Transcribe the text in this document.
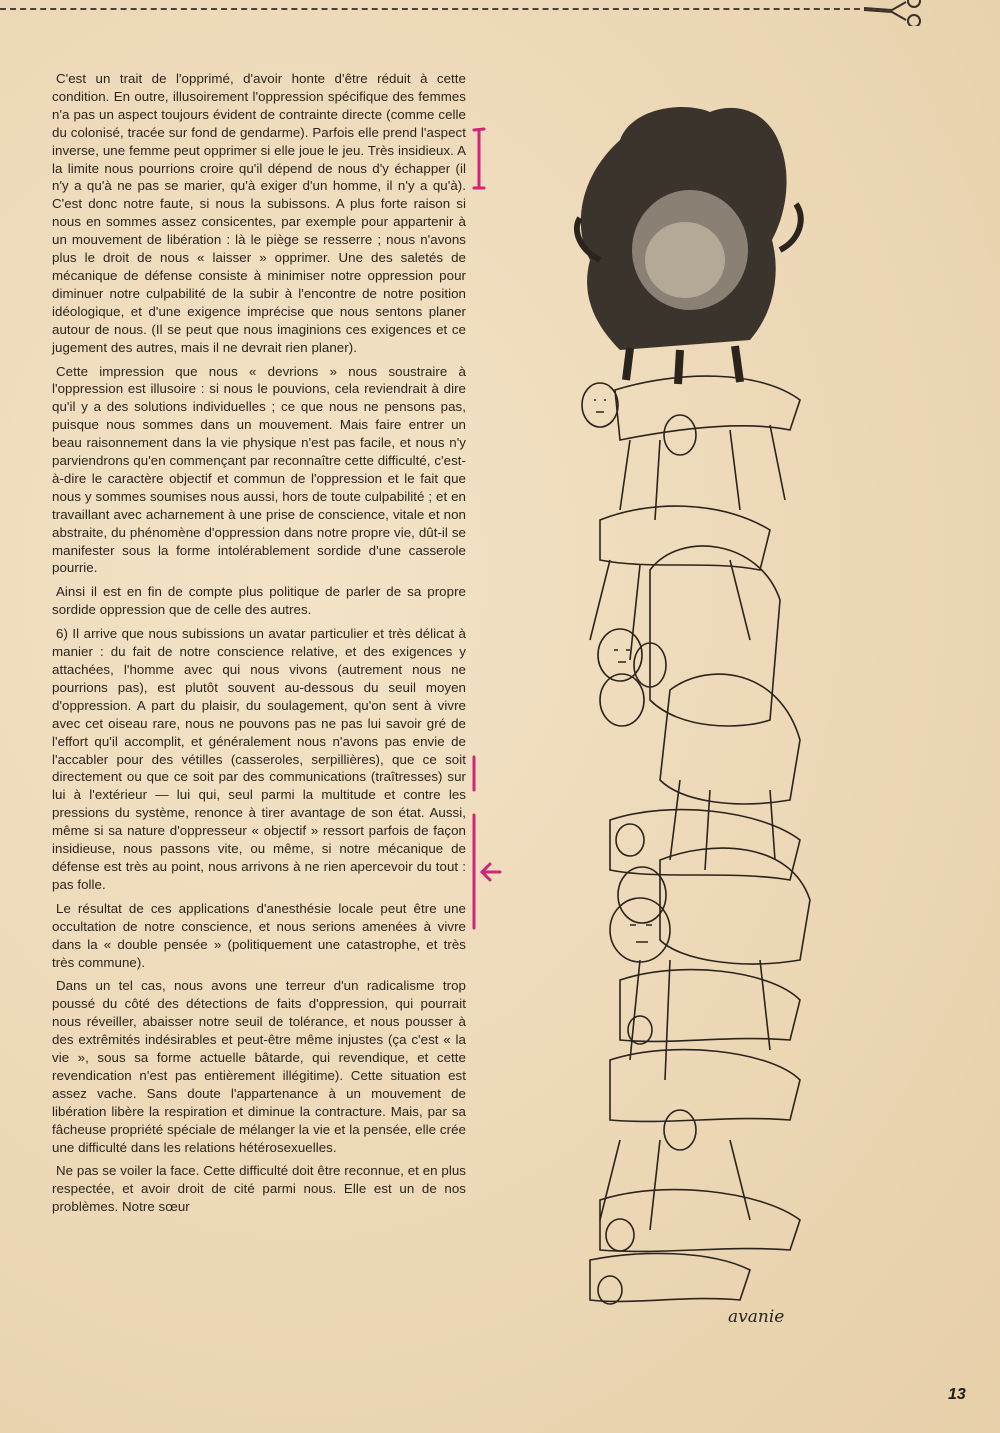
C'est un trait de l'opprimé, d'avoir honte d'être réduit à cette condition. En outre, illusoirement l'oppression spécifique des femmes n'a pas un aspect toujours évident de contrainte directe (comme celle du colonisé, tracée sur fond de gendarme). Parfois elle prend l'aspect inverse, une femme peut opprimer si elle joue le jeu. Très insidieux. A la limite nous pourrions croire qu'il dépend de nous d'y échapper (il n'y a qu'à ne pas se marier, qu'à exiger d'un homme, il n'y a qu'à). C'est donc notre faute, si nous la subissons. A plus forte raison si nous en sommes assez consicentes, par exemple pour appartenir à un mouvement de libération : là le piège se resserre ; nous n'avons plus le droit de nous « laisser » opprimer. Une des saletés de mécanique de défense consiste à minimiser notre oppression pour diminuer notre culpabilité de la subir à l'encontre de notre position idéologique, et d'une exigence imprécise que nous sentons planer autour de nous. (Il se peut que nous imaginions ces exigences et ce jugement des autres, mais il ne devrait rien planer).

Cette impression que nous « devrions » nous soustraire à l'oppression est illusoire : si nous le pouvions, cela reviendrait à dire qu'il y a des solutions individuelles ; ce que nous ne pensons pas, puisque nous sommes dans un mouvement. Mais faire entrer un beau raisonnement dans la vie physique n'est pas facile, et nous n'y parviendrons qu'en commençant par reconnaître cette difficulté, c'est-à-dire le caractère objectif et commun de l'oppression et le fait que nous y sommes soumises nous aussi, hors de toute culpabilité ; et en travaillant avec acharnement à une prise de conscience, vitale et non abstraite, du phénomène d'oppression dans notre propre vie, dût-il se manifester sous la forme intolérablement sordide d'une casserole pourrie.

Ainsi il est en fin de compte plus politique de parler de sa propre sordide oppression que de celle des autres.

6) Il arrive que nous subissions un avatar particulier et très délicat à manier : du fait de notre conscience relative, et des exigences y attachées, l'homme avec qui nous vivons (autrement nous ne pourrions pas), est plutôt souvent au-dessous du seuil moyen d'oppression. A part du plaisir, du soulagement, qu'on sent à vivre avec cet oiseau rare, nous ne pouvons pas ne pas lui savoir gré de l'effort qu'il accomplit, et généralement nous n'avons pas envie de l'accabler pour des vétilles (casseroles, serpillières), que ce soit directement ou que ce soit par des communications (traîtresses) sur lui à l'extérieur — lui qui, seul parmi la multitude et contre les pressions du système, renonce à tirer avantage de son état. Aussi, même si sa nature d'oppresseur « objectif » ressort parfois de façon insidieuse, nous passons vite, ou même, si notre mécanique de défense est très au point, nous arrivons à ne rien apercevoir du tout : pas folle.

Le résultat de ces applications d'anesthésie locale peut être une occultation de notre conscience, et nous serions amenées à vivre dans la « double pensée » (politiquement une catastrophe, et très très commune).

Dans un tel cas, nous avons une terreur d'un radicalisme trop poussé du côté des détections de faits d'oppression, qui pourrait nous réveiller, abaisser notre seuil de tolérance, et nous pousser à des extrêmités indésirables et peut-être même injustes (ça c'est « la vie », sous sa forme actuelle bâtarde, qui revendique, et cette revendication n'est pas entièrement illégitime). Cette situation est assez vache. Sans doute l'appartenance à un mouvement de libération libère la respiration et diminue la contracture. Mais, par sa fâcheuse propriété spéciale de mélanger la vie et la pensée, elle crée une difficulté dans les relations hétérosexuelles.

Ne pas se voiler la face. Cette difficulté doit être reconnue, et en plus respectée, et avoir droit de cité parmi nous. Elle est un de nos problèmes. Notre sœur

avanie
13
